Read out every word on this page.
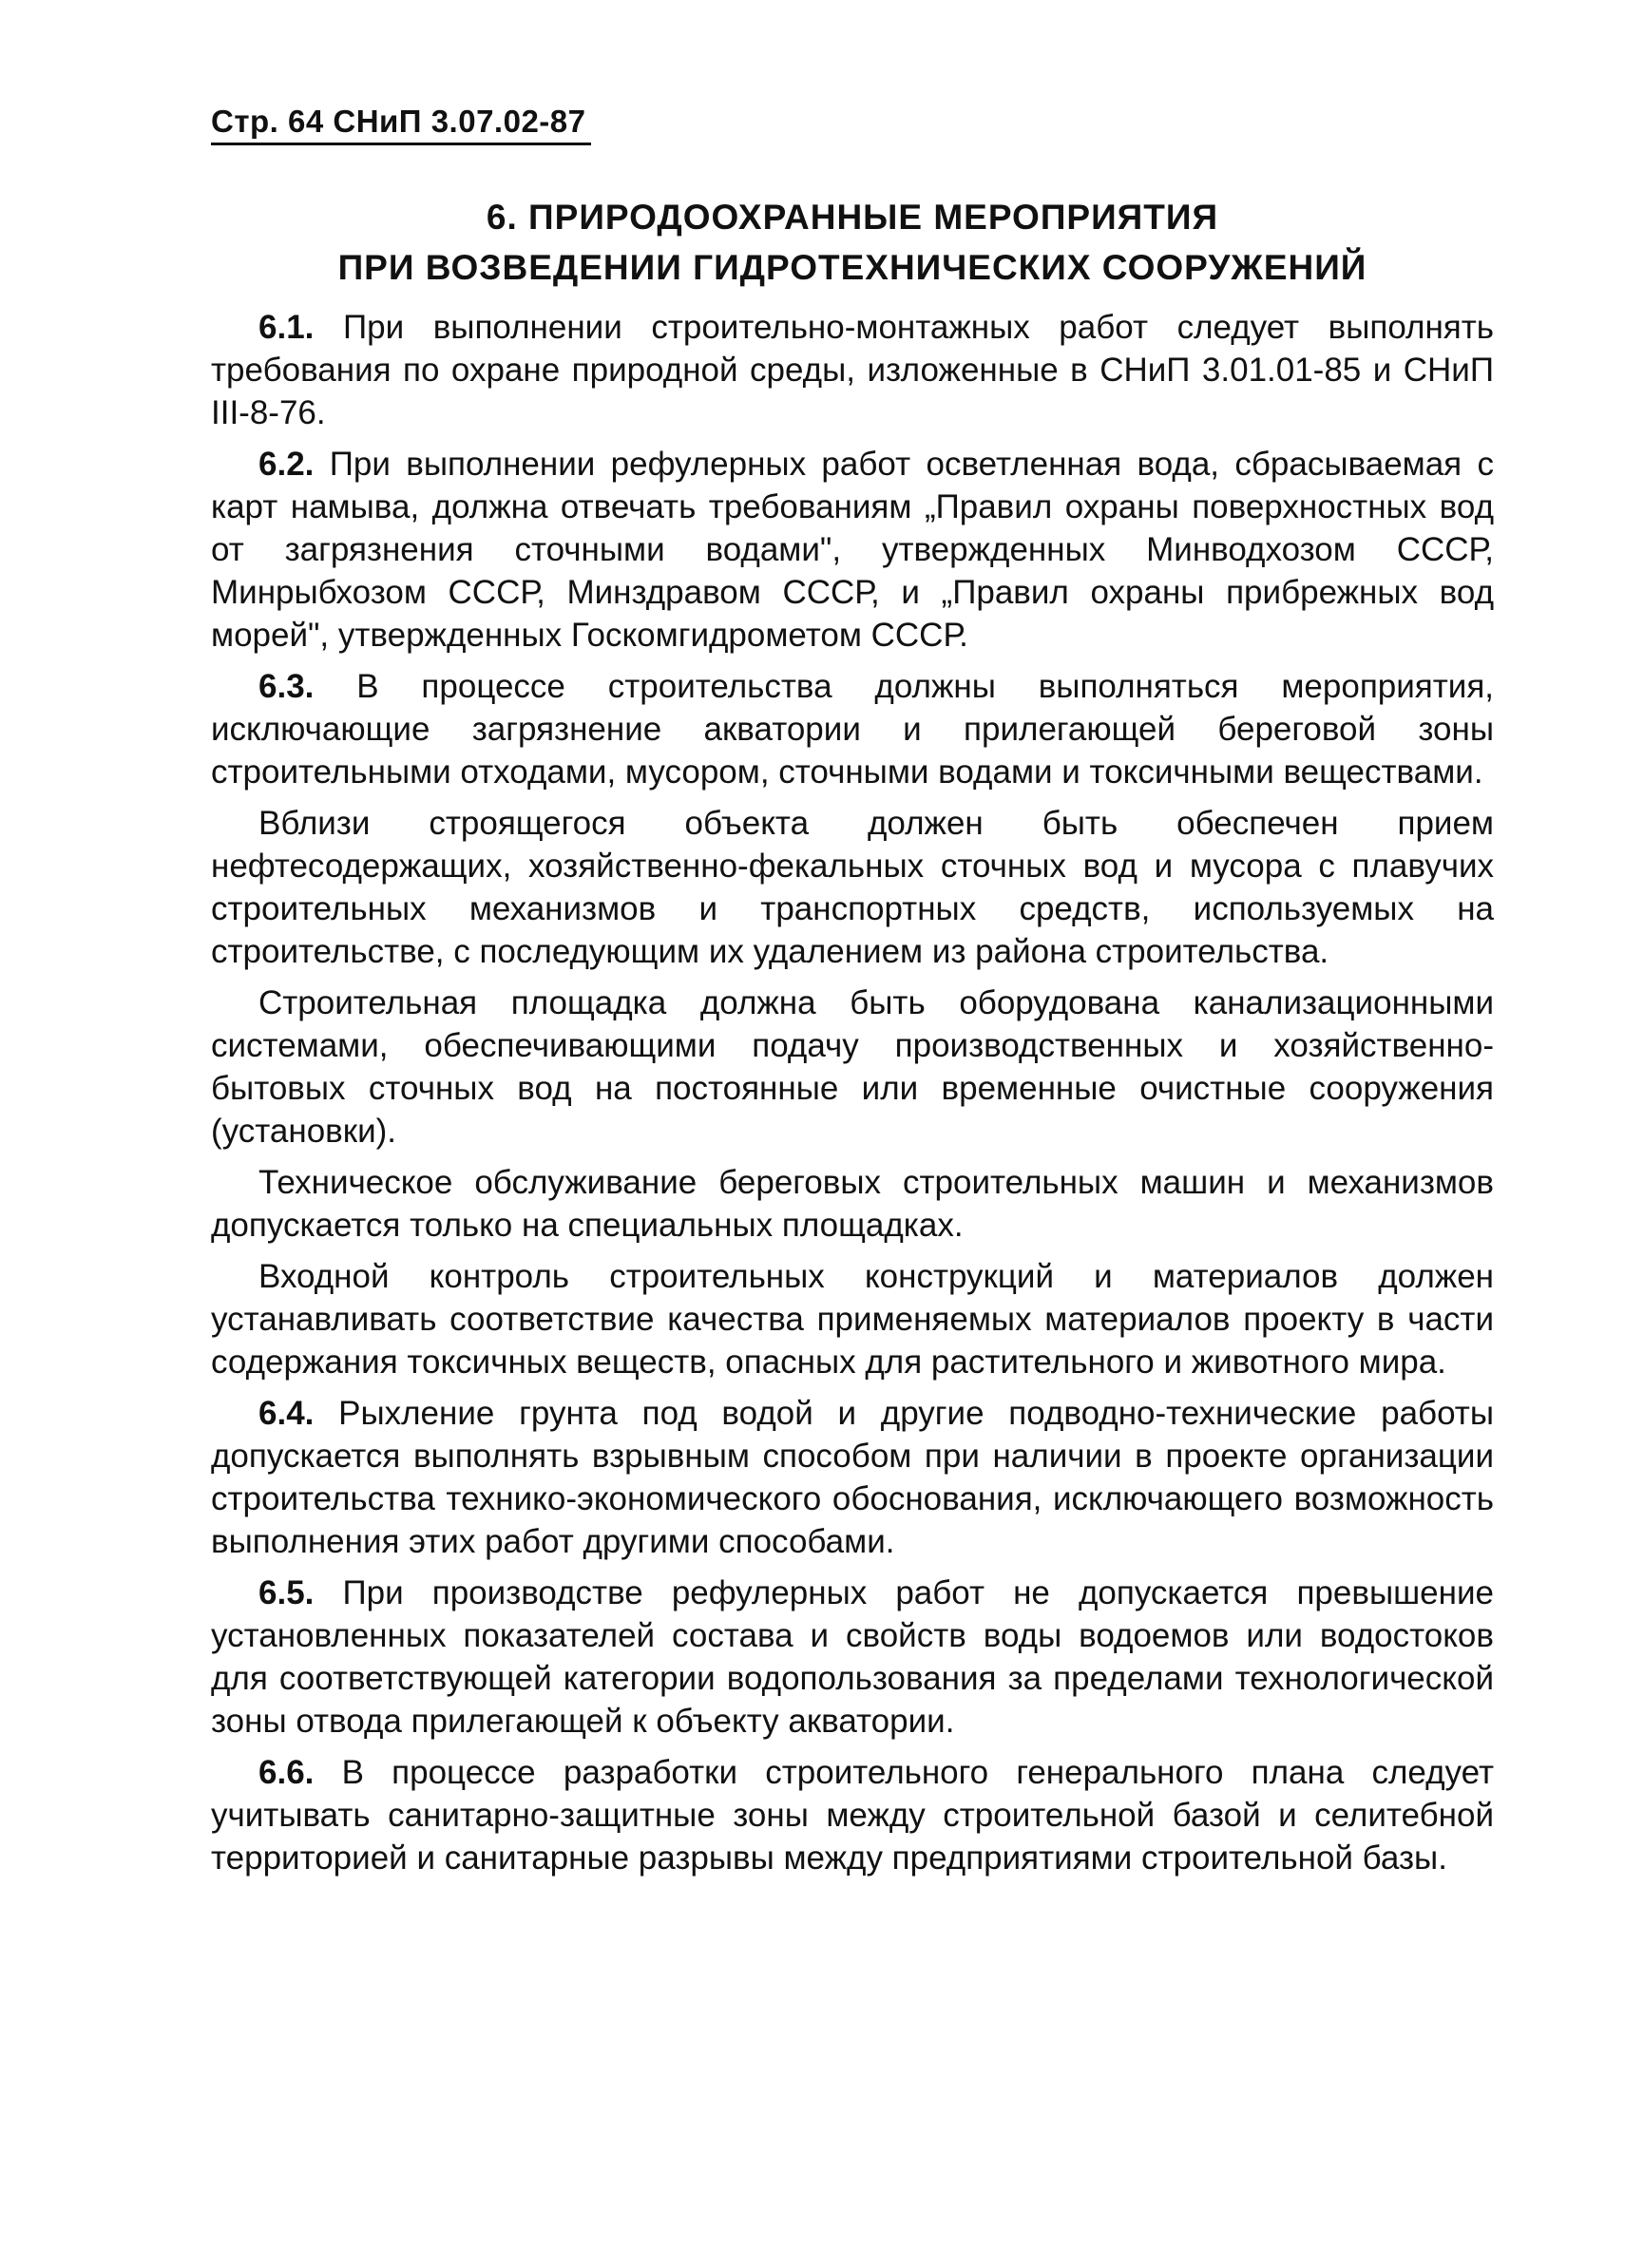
Стр. 64 СНиП 3.07.02-87
6. ПРИРОДООХРАННЫЕ МЕРОПРИЯТИЯ
ПРИ ВОЗВЕДЕНИИ ГИДРОТЕХНИЧЕСКИХ СООРУЖЕНИЙ

6.1. При выполнении строительно-монтажных работ следует выполнять требования по охране природной среды, изложенные в СНиП 3.01.01-85 и СНиП III-8-76.

6.2. При выполнении рефулерных работ осветленная вода, сбрасываемая с карт намыва, должна отвечать требованиям „Правил охраны поверхностных вод от загрязнения сточными водами", утвержденных Минводхозом СССР, Минрыбхозом СССР, Минздравом СССР, и „Правил охраны прибрежных вод морей", утвержденных Госкомгидрометом СССР.

6.3. В процессе строительства должны выполняться мероприятия, исключающие загрязнение акватории и прилегающей береговой зоны строительными отходами, мусором, сточными водами и токсичными веществами.

Вблизи строящегося объекта должен быть обеспечен прием нефтесодержащих, хозяйственно-фекальных сточных вод и мусора с плавучих строительных механизмов и транспортных средств, используемых на строительстве, с последующим их удалением из района строительства.

Строительная площадка должна быть оборудована канализационными системами, обеспечивающими подачу производственных и хозяйственно-бытовых сточных вод на постоянные или временные очистные сооружения (установки).

Техническое обслуживание береговых строительных машин и механизмов допускается только на специальных площадках.

Входной контроль строительных конструкций и материалов должен устанавливать соответствие качества применяемых материалов проекту в части содержания токсичных веществ, опасных для растительного и животного мира.

6.4. Рыхление грунта под водой и другие подводно-технические работы допускается выполнять взрывным способом при наличии в проекте организации строительства технико-экономического обоснования, исключающего возможность выполнения этих работ другими способами.

6.5. При производстве рефулерных работ не допускается превышение установленных показателей состава и свойств воды водоемов или водостоков для соответствующей категории водопользования за пределами технологической зоны отвода прилегающей к объекту акватории.

6.6. В процессе разработки строительного генерального плана следует учитывать санитарно-защитные зоны между строительной базой и селитебной территорией и санитарные разрывы между предприятиями строительной базы.
